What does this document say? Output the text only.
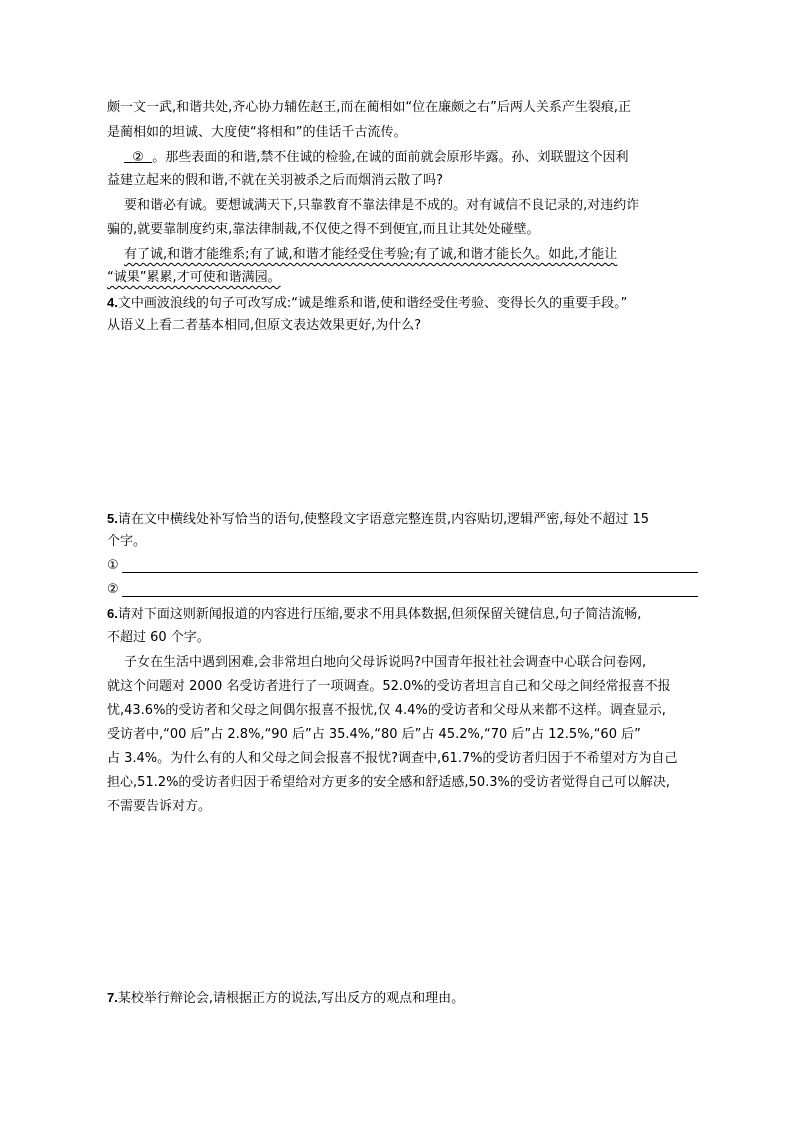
颇一文一武,和谐共处,齐心协力辅佐赵王,而在蔺相如“位在廉颇之右”后两人关系产生裂痕,正
是蔺相如的坦诚、大度使“将相和”的佳话千古流传。
② 。那些表面的和谐,禁不住诚的检验,在诚的面前就会原形毕露。孙、刘联盟这个因利
益建立起来的假和谐,不就在关羽被杀之后而烟消云散了吗?
要和谐必有诚。要想诚满天下,只靠教育不靠法律是不成的。对有诚信不良记录的,对违约诈
骗的,就要靠制度约束,靠法律制裁,不仅使之得不到便宜,而且让其处处碰壁。
有了诚,和谐才能维系;有了诚,和谐才能经受住考验;有了诚,和谐才能长久。如此,才能让
“诚果”累累,才可使和谐满园。
4.文中画波浪线的句子可改写成:“诚是维系和谐,使和谐经受住考验、变得长久的重要手段。”
从语义上看二者基本相同,但原文表达效果更好,为什么?
5.请在文中横线处补写恰当的语句,使整段文字语意完整连贯,内容贴切,逻辑严密,每处不超过 15
个字。
①
②
6.请对下面这则新闻报道的内容进行压缩,要求不用具体数据,但须保留关键信息,句子简洁流畅,
不超过 60 个字。
子女在生活中遇到困难,会非常坦白地向父母诉说吗?中国青年报社社会调查中心联合问卷网,
就这个问题对 2000 名受访者进行了一项调查。52.0%的受访者坦言自己和父母之间经常报喜不报
忧,43.6%的受访者和父母之间偶尔报喜不报忧,仅 4.4%的受访者和父母从来都不这样。调查显示,
受访者中,“00 后”占 2.8%,“90 后”占 35.4%,“80 后”占 45.2%,“70 后”占 12.5%,“60 后”
占 3.4%。为什么有的人和父母之间会报喜不报忧?调查中,61.7%的受访者归因于不希望对方为自己
担心,51.2%的受访者归因于希望给对方更多的安全感和舒适感,50.3%的受访者觉得自己可以解决,
不需要告诉对方。
7.某校举行辩论会,请根据正方的说法,写出反方的观点和理由。
